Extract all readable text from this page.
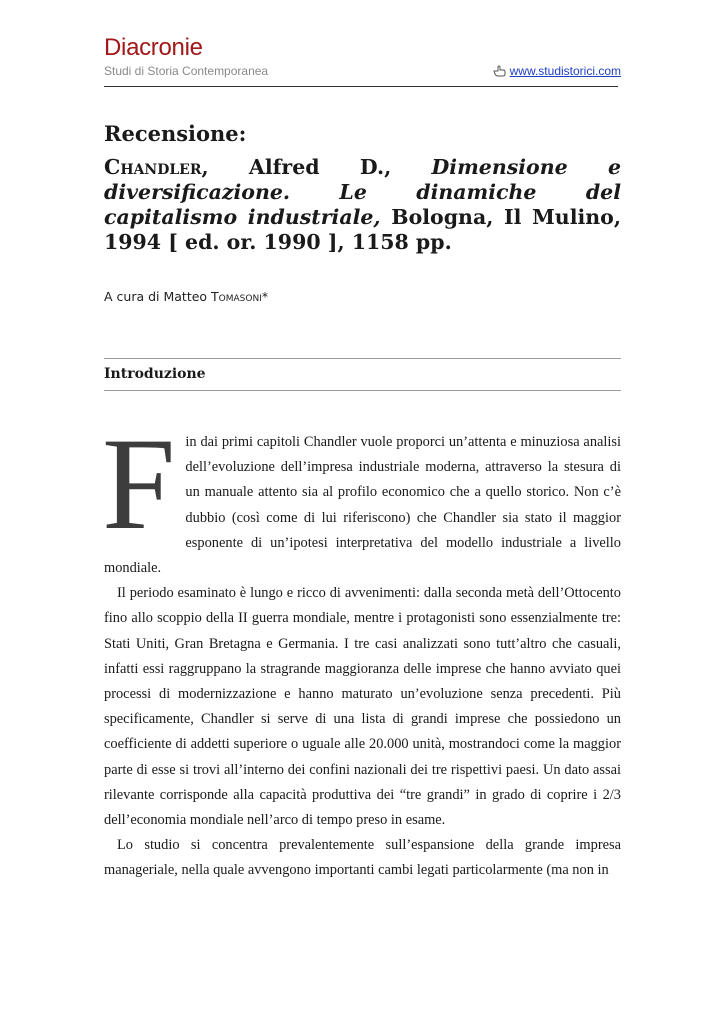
Diacronie
Studi di Storia Contemporanea	www.studistorici.com
Recensione:

Chandler, Alfred D., Dimensione e diversificazione. Le dinamiche del capitalismo industriale, Bologna, Il Mulino, 1994 [ ed. or. 1990 ], 1158 pp.

A cura di Matteo Tomasoni*
Introduzione

Fin dai primi capitoli Chandler vuole proporci un’attenta e minuziosa analisi dell’evoluzione dell’impresa industriale moderna, attraverso la stesura di un manuale attento sia al profilo economico che a quello storico. Non c’è dubbio (così come di lui riferiscono) che Chandler sia stato il maggior esponente di un’ipotesi interpretativa del modello industriale a livello mondiale.

Il periodo esaminato è lungo e ricco di avvenimenti: dalla seconda metà dell’Ottocento fino allo scoppio della II guerra mondiale, mentre i protagonisti sono essenzialmente tre: Stati Uniti, Gran Bretagna e Germania. I tre casi analizzati sono tutt’altro che casuali, infatti essi raggruppano la stragrande maggioranza delle imprese che hanno avviato quei processi di modernizzazione e hanno maturato un’evoluzione senza precedenti. Più specificamente, Chandler si serve di una lista di grandi imprese che possiedono un coefficiente di addetti superiore o uguale alle 20.000 unità, mostrandoci come la maggior parte di esse si trovi all’interno dei confini nazionali dei tre rispettivi paesi. Un dato assai rilevante corrisponde alla capacità produttiva dei “tre grandi” in grado di coprire i 2/3 dell’economia mondiale nell’arco di tempo preso in esame.

Lo studio si concentra prevalentemente sull’espansione della grande impresa manageriale, nella quale avvengono importanti cambi legati particolarmente (ma non in
